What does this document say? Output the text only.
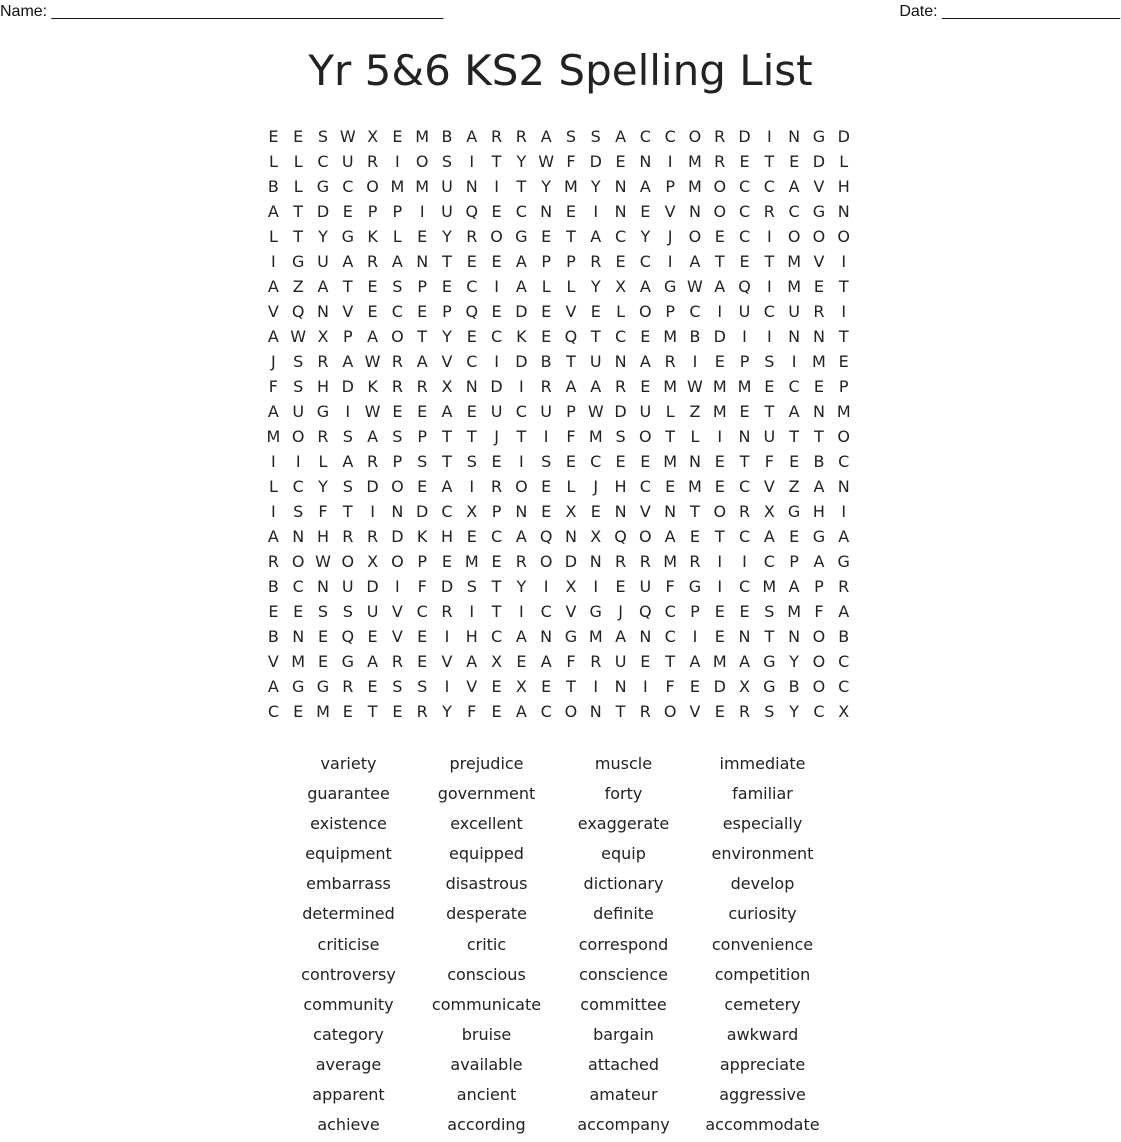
Name: ____________________________________________	Date: ____________________
Yr 5&6 KS2 Spelling List
E E S W X E M B A R R A S S A C C O R D	I	N G D
L L C U R	I	O S	I	T Y W F D E N	I M R E T E D L
B L G C O M M U N	I	T Y M Y N A P M O C C A V H
A T D E P P	I	U Q E C N E	I	N E V N O C R C G N
L T Y G K L E Y R O G E T A C Y	J	O E C	I	O O O
I	G U A R A N T E E A P P R E C	I	A T E T M V	I
A Z A T E S P E C	I	A L L Y X A G W A Q	I M E T
V Q N V E C E P Q E D E V E L O P C	I	U C U R	I
A W X P A O T Y E C K E Q T C E M B D	I	I	N N T
J	S R A W R A V C	I	D B T U N A R	I	E P S	I M E
F S H D K R R X N D	I	R A A R E M W M M E C E P
A U G	I W E E A E U C U P W D U L Z M E T A N M
M O R S A S P T T	J	T	I	F M S O T L	I	N U T T O
I	I	L A R P S T S E	I	S E C E E M N E T F E B C
L C Y S D O E A	I	R O E L	J	H C E M E C V Z A N
I	S F T	I	N D C X P N E X E N V N T O R X G H	I
A N H R R D K H E C A Q N X Q O A E T C A E G A
R O W O X O P E M E R O D N R R M R	I	I	C P A G
B C N U D	I	F D S T Y	I	X	I	E U F G	I	C M A P R
E E S S U V C R	I	T	I	C V G	J	Q C P E E S M F A
B N E Q E V E	I	H C A N G M A N C	I	E N T N O B
V M E G A R E V A X E A F R U E T A M A G Y O C
A G G R E S S	I	V E X E T	I	N	I	F E D X G B O C
C E M E T E R Y F E A C O N T R O V E R S Y C X
variety	prejudice	muscle	immediate
guarantee	government	forty	familiar
existence	excellent	exaggerate	especially
equipment	equipped	equip	environment
embarrass	disastrous	dictionary	develop
determined	desperate	definite	curiosity
criticise	critic	correspond	convenience
controversy	conscious	conscience	competition
community	communicate	committee	cemetery
category	bruise	bargain	awkward
average	available	attached	appreciate
apparent	ancient	amateur	aggressive
achieve	according	accompany	accommodate
